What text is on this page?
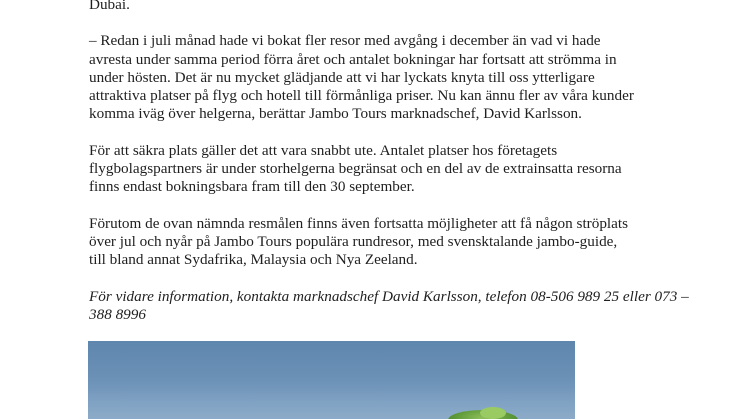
Dubai.

– Redan i juli månad hade vi bokat fler resor med avgång i december än vad vi hade
avresta under samma period förra året och antalet bokningar har fortsatt att strömma in
under hösten. Det är nu mycket glädjande att vi har lyckats knyta till oss ytterligare
attraktiva platser på flyg och hotell till förmånliga priser. Nu kan ännu fler av våra kunder
komma iväg över helgerna, berättar Jambo Tours marknadschef, David Karlsson.

För att säkra plats gäller det att vara snabbt ute. Antalet platser hos företagets
flygbolagspartners är under storhelgerna begränsat och en del av de extrainsatta resorna
finns endast bokningsbara fram till den 30 september.

Förutom de ovan nämnda resmålen finns även fortsatta möjligheter att få någon ströplats
över jul och nyår på Jambo Tours populära rundresor, med svensktalande jambo-guide,
till bland annat Sydafrika, Malaysia och Nya Zeeland.

För vidare information, kontakta marknadschef David Karlsson, telefon 08-506 989 25 eller 073 –
388 8996
